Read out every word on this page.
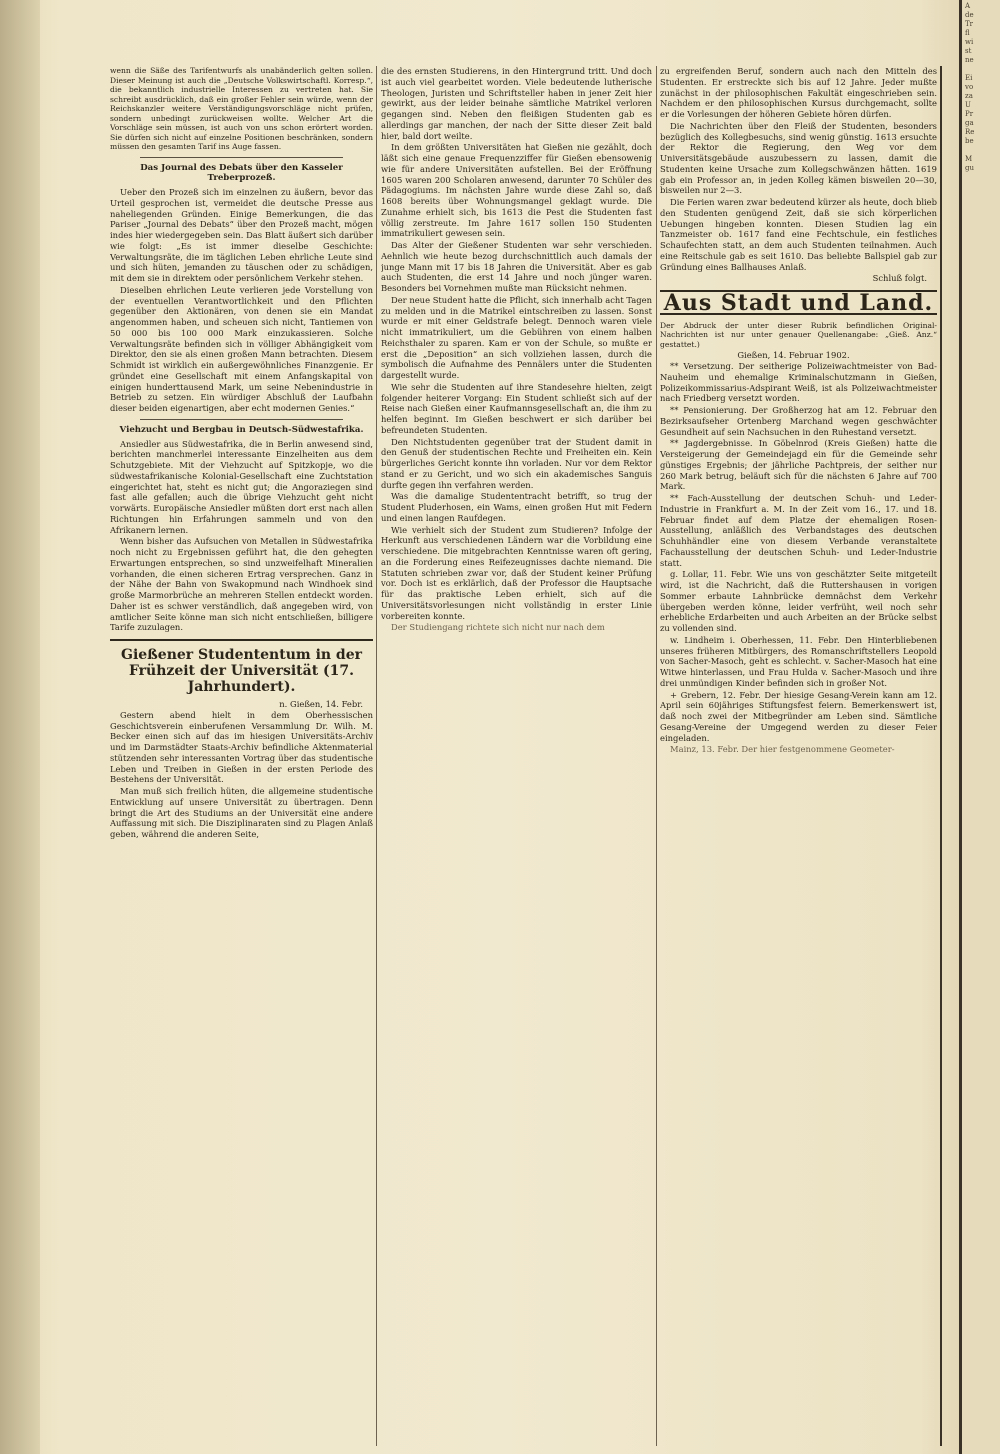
wenn die Säße des Tarifentwurfs als unabänderlich gelten sollen. Dieser Meinung ist auch die „Deutsche Volkswirtschaftl. Korresp.“, die bekanntlich industrielle Interessen zu vertreten hat. Sie schreibt ausdrücklich, daß ein großer Fehler sein würde, wenn der Reichskanzler weitere Verständigungsvorschläge nicht prüfen, sondern unbedingt zurückweisen wollte. Welcher Art die Vorschläge sein müssen, ist auch von uns schon erörtert worden. Sie dürfen sich nicht auf einzelne Positionen beschränken, sondern müssen den gesamten Tarif ins Auge fassen.

Das Journal des Debats über den Kasseler Treberprozeß.

Ueber den Prozeß sich im einzelnen zu äußern, bevor das Urteil gesprochen ist, vermeidet die deutsche Presse aus naheliegenden Gründen. Einige Bemerkungen, die das Pariser „Journal des Debats“ über den Prozeß macht, mögen indes hier wiedergegeben sein. Das Blatt äußert sich darüber wie folgt: „Es ist immer dieselbe Geschichte: Verwaltungsräte, die im täglichen Leben ehrliche Leute sind und sich hüten, jemanden zu täuschen oder zu schädigen, mit dem sie in direktem oder persönlichem Verkehr stehen.

Dieselben ehrlichen Leute verlieren jede Vorstellung von der eventuellen Verantwortlichkeit und den Pflichten gegenüber den Aktionären, von denen sie ein Mandat angenommen haben, und scheuen sich nicht, Tantiemen von 50 000 bis 100 000 Mark einzukassieren. Solche Verwaltungsräte befinden sich in völliger Abhängigkeit vom Direktor, den sie als einen großen Mann betrachten. Diesem Schmidt ist wirklich ein außergewöhnliches Finanzgenie. Er gründet eine Gesellschaft mit einem Anfangskapital von einigen hunderttausend Mark, um seine Nebenindustrie in Betrieb zu setzen. Ein würdiger Abschluß der Laufbahn dieser beiden eigenartigen, aber echt modernen Genies.“

Viehzucht und Bergbau in Deutsch-Südwestafrika.

Ansiedler aus Südwestafrika, die in Berlin anwesend sind, berichten manchmerlei interessante Einzelheiten aus dem Schutzgebiete. Mit der Viehzucht auf Spitzkopje, wo die südwestafrikanische Kolonial-Gesellschaft eine Zuchtstation eingerichtet hat, steht es nicht gut; die Angoraziegen sind fast alle gefallen; auch die übrige Viehzucht geht nicht vorwärts. Europäische Ansiedler müßten dort erst nach allen Richtungen hin Erfahrungen sammeln und von den Afrikanern lernen.

Wenn bisher das Aufsuchen von Metallen in Südwestafrika noch nicht zu Ergebnissen geführt hat, die den gehegten Erwartungen entsprechen, so sind unzweifelhaft Mineralien vorhanden, die einen sicheren Ertrag versprechen. Ganz in der Nähe der Bahn von Swakopmund nach Windhoek sind große Marmorbrüche an mehreren Stellen entdeckt worden. Daher ist es schwer verständlich, daß angegeben wird, von amtlicher Seite könne man sich nicht entschließen, billigere Tarife zuzulagen.

Gießener Studententum in der Frühzeit der Universität (17. Jahrhundert).
n. Gießen, 14. Febr.

Gestern abend hielt in dem Oberhessischen Geschichtsverein einberufenen Versammlung Dr. Wilh. M. Becker einen sich auf das im hiesigen Universitäts-Archiv und im Darmstädter Staats-Archiv befindliche Aktenmaterial stützenden sehr interessanten Vortrag über das studentische Leben und Treiben in Gießen in der ersten Periode des Bestehens der Universität.

Man muß sich freilich hüten, die allgemeine studentische Entwicklung auf unsere Universität zu übertragen. Denn bringt die Art des Studiums an der Universität eine andere Auffassung mit sich. Die Disziplinaraten sind zu Plagen Anlaß geben, während die anderen Seite,

die des ernsten Studierens, in den Hintergrund tritt. Und doch ist auch viel gearbeitet worden. Viele bedeutende lutherische Theologen, Juristen und Schriftsteller haben in jener Zeit hier gewirkt, aus der leider beinahe sämtliche Matrikel verloren gegangen sind. Neben den fleißigen Studenten gab es allerdings gar manchen, der nach der Sitte dieser Zeit bald hier, bald dort weilte.

In dem größten Universitäten hat Gießen nie gezählt, doch läßt sich eine genaue Frequenzziffer für Gießen ebensowenig wie für andere Universitäten aufstellen. Bei der Eröffnung 1605 waren 200 Scholaren anwesend, darunter 70 Schüler des Pädagogiums. Im nächsten Jahre wurde diese Zahl so, daß 1608 bereits über Wohnungsmangel geklagt wurde. Die Zunahme erhielt sich, bis 1613 die Pest die Studenten fast völlig zerstreute. Im Jahre 1617 sollen 150 Studenten immatrikuliert gewesen sein.

Das Alter der Gießener Studenten war sehr verschieden. Aehnlich wie heute bezog durchschnittlich auch damals der junge Mann mit 17 bis 18 Jahren die Universität. Aber es gab auch Studenten, die erst 14 Jahre und noch jünger waren. Besonders bei Vornehmen mußte man Rücksicht nehmen.

Der neue Student hatte die Pflicht, sich innerhalb acht Tagen zu melden und in die Matrikel eintschreiben zu lassen. Sonst wurde er mit einer Geldstrafe belegt. Dennoch waren viele nicht immatrikuliert, um die Gebühren von einem halben Reichsthaler zu sparen. Kam er von der Schule, so mußte er erst die „Deposition“ an sich vollziehen lassen, durch die symbolisch die Aufnahme des Pennälers unter die Studenten dargestellt wurde.

Wie sehr die Studenten auf ihre Standesehre hielten, zeigt folgender heiterer Vorgang: Ein Student schließt sich auf der Reise nach Gießen einer Kaufmannsgesellschaft an, die ihm zu helfen beginnt. Im Gießen beschwert er sich darüber bei befreundeten Studenten.

Den Nichtstudenten gegenüber trat der Student damit in den Genuß der studentischen Rechte und Freiheiten ein. Kein bürgerliches Gericht konnte ihn vorladen. Nur vor dem Rektor stand er zu Gericht, und wo sich ein akademisches Sanguis durfte gegen ihn verfahren werden.

Was die damalige Studententracht betrifft, so trug der Student Pluderhosen, ein Wams, einen großen Hut mit Federn und einen langen Raufdegen.

Wie verhielt sich der Student zum Studieren? Infolge der Herkunft aus verschiedenen Ländern war die Vorbildung eine verschiedene. Die mitgebrachten Kenntnisse waren oft gering, an die Forderung eines Reifezeugnisses dachte niemand. Die Statuten schrieben zwar vor, daß der Student keiner Prüfung vor. Doch ist es erklärlich, daß der Professor die Hauptsache für das praktische Leben erhielt, sich auf die Universitätsvorlesungen nicht vollständig in erster Linie vorbereiten konnte.

Der Studiengang richtete sich nicht nur nach dem

zu ergreifenden Beruf, sondern auch nach den Mitteln des Studenten. Er erstreckte sich bis auf 12 Jahre. Jeder mußte zunächst in der philosophischen Fakultät eingeschrieben sein. Nachdem er den philosophischen Kursus durchgemacht, sollte er die Vorlesungen der höheren Gebiete hören dürfen.

Die Nachrichten über den Fleiß der Studenten, besonders bezüglich des Kollegbesuchs, sind wenig günstig. 1613 ersuchte der Rektor die Regierung, den Weg vor dem Universitätsgebäude auszubessern zu lassen, damit die Studenten keine Ursache zum Kollegschwänzen hätten. 1619 gab ein Professor an, in jeden Kolleg kämen bisweilen 20—30, bisweilen nur 2—3.

Die Ferien waren zwar bedeutend kürzer als heute, doch blieb den Studenten genügend Zeit, daß sie sich körperlichen Uebungen hingeben konnten. Diesen Studien lag ein Tanzmeister ob. 1617 fand eine Fechtschule, ein festliches Schaufechten statt, an dem auch Studenten teilnahmen. Auch eine Reitschule gab es seit 1610. Das beliebte Ballspiel gab zur Gründung eines Ballhauses Anlaß.

Schluß folgt.
Aus Stadt und Land.

Der Abdruck der unter dieser Rubrik befindlichen Original-Nachrichten ist nur unter genauer Quellenangabe: „Gieß. Anz.“ gestattet.)

Gießen, 14. Februar 1902.

** Versetzung. Der seitherige Polizeiwachtmeister von Bad-Nauheim und ehemalige Kriminalschutzmann in Gießen, Polizeikommissarius-Adspirant Weiß, ist als Polizeiwachtmeister nach Friedberg versetzt worden.

** Pensionierung. Der Großherzog hat am 12. Februar den Bezirksaufseher Ortenberg Marchand wegen geschwächter Gesundheit auf sein Nachsuchen in den Ruhestand versetzt.

** Jagdergebnisse. In Göbelnrod (Kreis Gießen) hatte die Versteigerung der Gemeindejagd ein für die Gemeinde sehr günstiges Ergebnis; der jährliche Pachtpreis, der seither nur 260 Mark betrug, beläuft sich für die nächsten 6 Jahre auf 700 Mark.

** Fach-Ausstellung der deutschen Schuh- und Leder-Industrie in Frankfurt a. M. In der Zeit vom 16., 17. und 18. Februar findet auf dem Platze der ehemaligen Rosen-Ausstellung, anläßlich des Verbandstages des deutschen Schuhhändler eine von diesem Verbande veranstaltete Fachausstellung der deutschen Schuh- und Leder-Industrie statt.

g. Lollar, 11. Febr. Wie uns von geschätzter Seite mitgeteilt wird, ist die Nachricht, daß die Ruttershausen in vorigen Sommer erbaute Lahnbrücke demnächst dem Verkehr übergeben werden könne, leider verfrüht, weil noch sehr erhebliche Erdarbeiten und auch Arbeiten an der Brücke selbst zu vollenden sind.

w. Lindheim i. Oberhessen, 11. Febr. Den Hinterbliebenen unseres früheren Mitbürgers, des Romanschriftstellers Leopold von Sacher-Masoch, geht es schlecht. v. Sacher-Masoch hat eine Witwe hinterlassen, und Frau Hulda v. Sacher-Masoch und ihre drei unmündigen Kinder befinden sich in großer Not.

+ Grebern, 12. Febr. Der hiesige Gesang-Verein kann am 12. April sein 60jähriges Stiftungsfest feiern. Bemerkenswert ist, daß noch zwei der Mitbegründer am Leben sind. Sämtliche Gesang-Vereine der Umgegend werden zu dieser Feier eingeladen.

Mainz, 13. Febr. Der hier festgenommene Geometer-

A
de
Tr
fl
wi
st
ne

Ei
vo
za
U
Pr
ga
Re
be

M
gu
